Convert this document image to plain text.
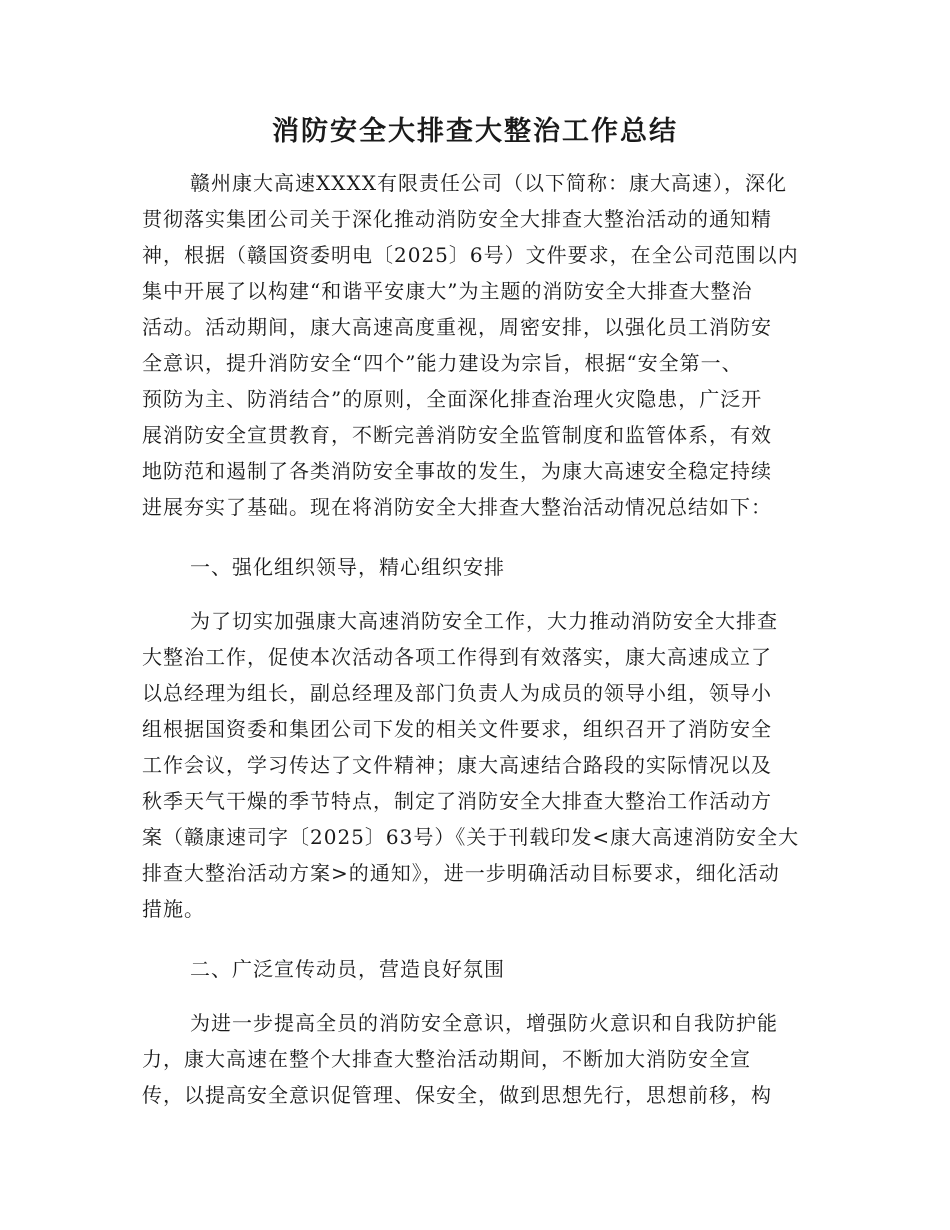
消防安全大排查大整治工作总结
赣州康大高速XXXX有限责任公司（以下简称：康大高速），深化
贯彻落实集团公司关于深化推动消防安全大排查大整治活动的通知精
神，根据（赣国资委明电〔2025〕6号）文件要求，在全公司范围以内
集中开展了以构建“和谐平安康大”为主题的消防安全大排查大整治
活动。活动期间，康大高速高度重视，周密安排，以强化员工消防安
全意识，提升消防安全“四个”能力建设为宗旨，根据“安全第一、
预防为主、防消结合”的原则，全面深化排查治理火灾隐患，广泛开
展消防安全宣贯教育，不断完善消防安全监管制度和监管体系，有效
地防范和遏制了各类消防安全事故的发生，为康大高速安全稳定持续
进展夯实了基础。现在将消防安全大排查大整治活动情况总结如下：
一、强化组织领导，精心组织安排
为了切实加强康大高速消防安全工作，大力推动消防安全大排查
大整治工作，促使本次活动各项工作得到有效落实，康大高速成立了
以总经理为组长，副总经理及部门负责人为成员的领导小组，领导小
组根据国资委和集团公司下发的相关文件要求，组织召开了消防安全
工作会议，学习传达了文件精神；康大高速结合路段的实际情况以及
秋季天气干燥的季节特点，制定了消防安全大排查大整治工作活动方
案（赣康速司字〔2025〕63号）《关于刊载印发<康大高速消防安全大
排查大整治活动方案>的通知》，进一步明确活动目标要求，细化活动
措施。
二、广泛宣传动员，营造良好氛围
为进一步提高全员的消防安全意识，增强防火意识和自我防护能
力，康大高速在整个大排查大整治活动期间，不断加大消防安全宣
传，以提高安全意识促管理、保安全，做到思想先行，思想前移，构
